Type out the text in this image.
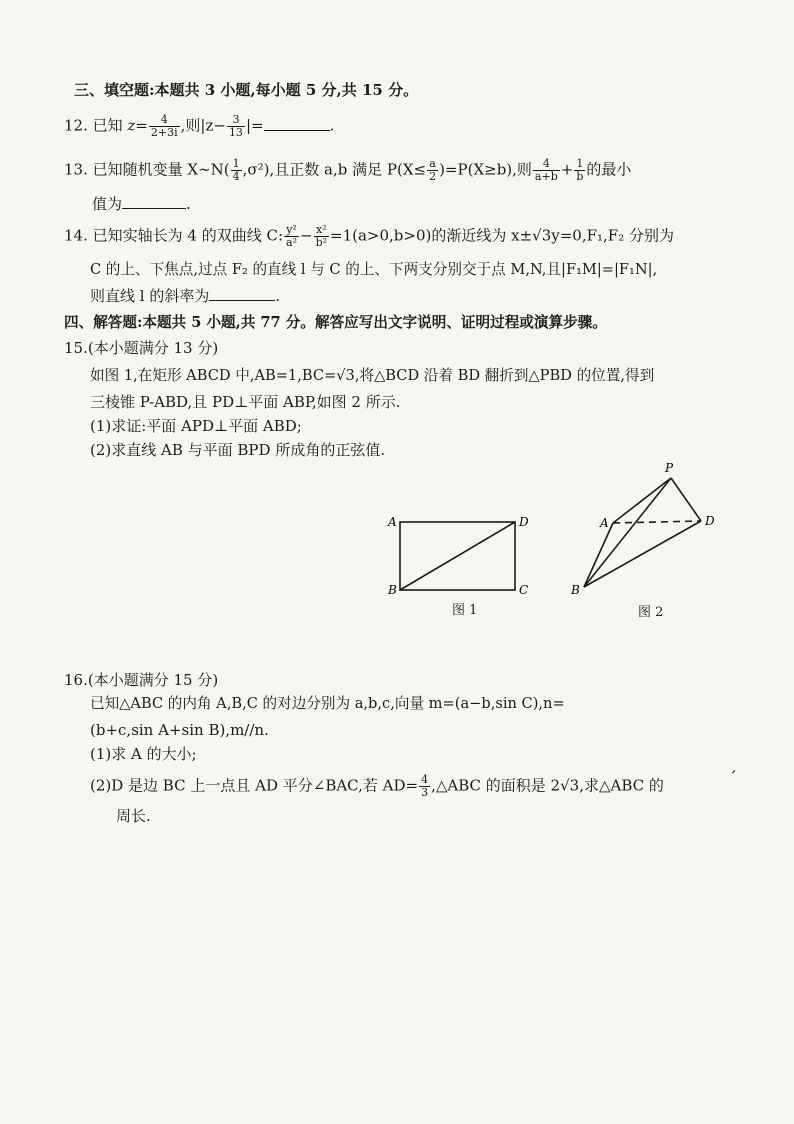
三、填空题:本题共 3 小题,每小题 5 分,共 15 分。
12. 已知 $z= \frac{4}{2+3i}$ ,则$|z- \frac{3}{13}$ |=	.
13. 已知随机变量 X∼N( $\frac{1}{4} ,\sigma^2$),且正数 a,b 满足 $P(X\le \frac{a}{2} )=P(X\ge b)$,则 $\frac{4}{a+b} + \frac{1}{b}$ 的最小
值为	.
14. 已知实轴长为 4 的双曲线 C: $\frac{\text{y²}}{\text{a²}} - \frac{\text{x²}}{\text{b²}} =1(a>0,b>0)$的渐近线为 x±√3y=0,F₁,F₂ 分别为
C 的上、下焦点,过点 F₂ 的直线 l 与 C 的上、下两支分别交于点 M,N,且|F₁M|=|F₁N|,
则直线 l 的斜率为	.
四、解答题:本题共 5 小题,共 77 分。解答应写出文字说明、证明过程或演算步骤。
15.(本小题满分 13 分)
如图 1,在矩形 ABCD 中,AB=1,BC=√3,将△BCD 沿着 BD 翻折到△PBD 的位置,得到
三棱锥 P-ABD,且 PD⊥平面 ABP,如图 2 所示.
(1)求证:平面 APD⊥平面 ABD;
(2)求直线 AB 与平面 BPD 所成角的正弦值.
A
B	C
D
图 1
P
A
B
D
图 2
16.(本小题满分 15 分)
已知△ABC 的内角 A,B,C 的对边分别为 a,b,c,向量 m=(a−b,sin C),n=
(b+c,sin A+sin B),m//n.
(1)求 A 的大小;
(2)D 是边 BC 上一点且 AD 平分∠BAC,若 $AD= \frac{4}{3}$ ,△ABC 的面积是 2√3,求△ABC 的
周长.
,
